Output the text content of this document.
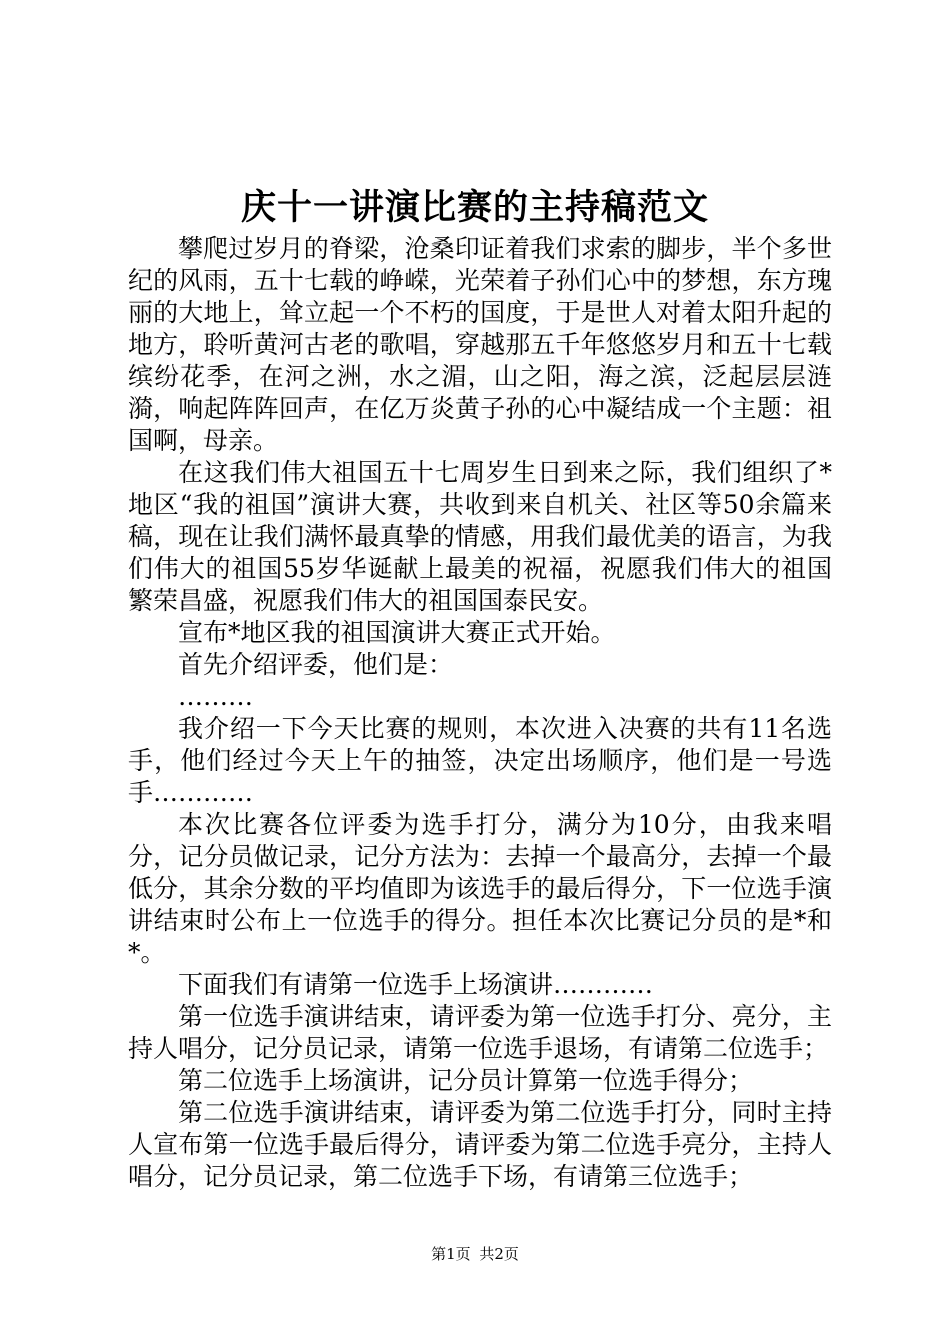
庆十一讲演比赛的主持稿范文

攀爬过岁月的脊梁，沧桑印证着我们求索的脚步，半个多世纪的风雨，五十七载的峥嵘，光荣着子孙们心中的梦想，东方瑰丽的大地上，耸立起一个不朽的国度，于是世人对着太阳升起的地方，聆听黄河古老的歌唱，穿越那五千年悠悠岁月和五十七载缤纷花季，在河之洲，水之湄，山之阳，海之滨，泛起层层涟漪，响起阵阵回声，在亿万炎黄子孙的心中凝结成一个主题：祖国啊，母亲。

在这我们伟大祖国五十七周岁生日到来之际，我们组织了*地区“我的祖国”演讲大赛，共收到来自机关、社区等50余篇来稿，现在让我们满怀最真挚的情感，用我们最优美的语言，为我们伟大的祖国55岁华诞献上最美的祝福，祝愿我们伟大的祖国繁荣昌盛，祝愿我们伟大的祖国国泰民安。

宣布*地区我的祖国演讲大赛正式开始。

首先介绍评委，他们是：

………

我介绍一下今天比赛的规则，本次进入决赛的共有11名选手，他们经过今天上午的抽签，决定出场顺序，他们是一号选手…………

本次比赛各位评委为选手打分，满分为10分，由我来唱分，记分员做记录，记分方法为：去掉一个最高分，去掉一个最低分，其余分数的平均值即为该选手的最后得分，下一位选手演讲结束时公布上一位选手的得分。担任本次比赛记分员的是*和*。

下面我们有请第一位选手上场演讲…………

第一位选手演讲结束，请评委为第一位选手打分、亮分，主持人唱分，记分员记录，请第一位选手退场，有请第二位选手；

第二位选手上场演讲，记分员计算第一位选手得分；

第二位选手演讲结束，请评委为第二位选手打分，同时主持人宣布第一位选手最后得分，请评委为第二位选手亮分，主持人唱分，记分员记录，第二位选手下场，有请第三位选手；

第1页 共2页
